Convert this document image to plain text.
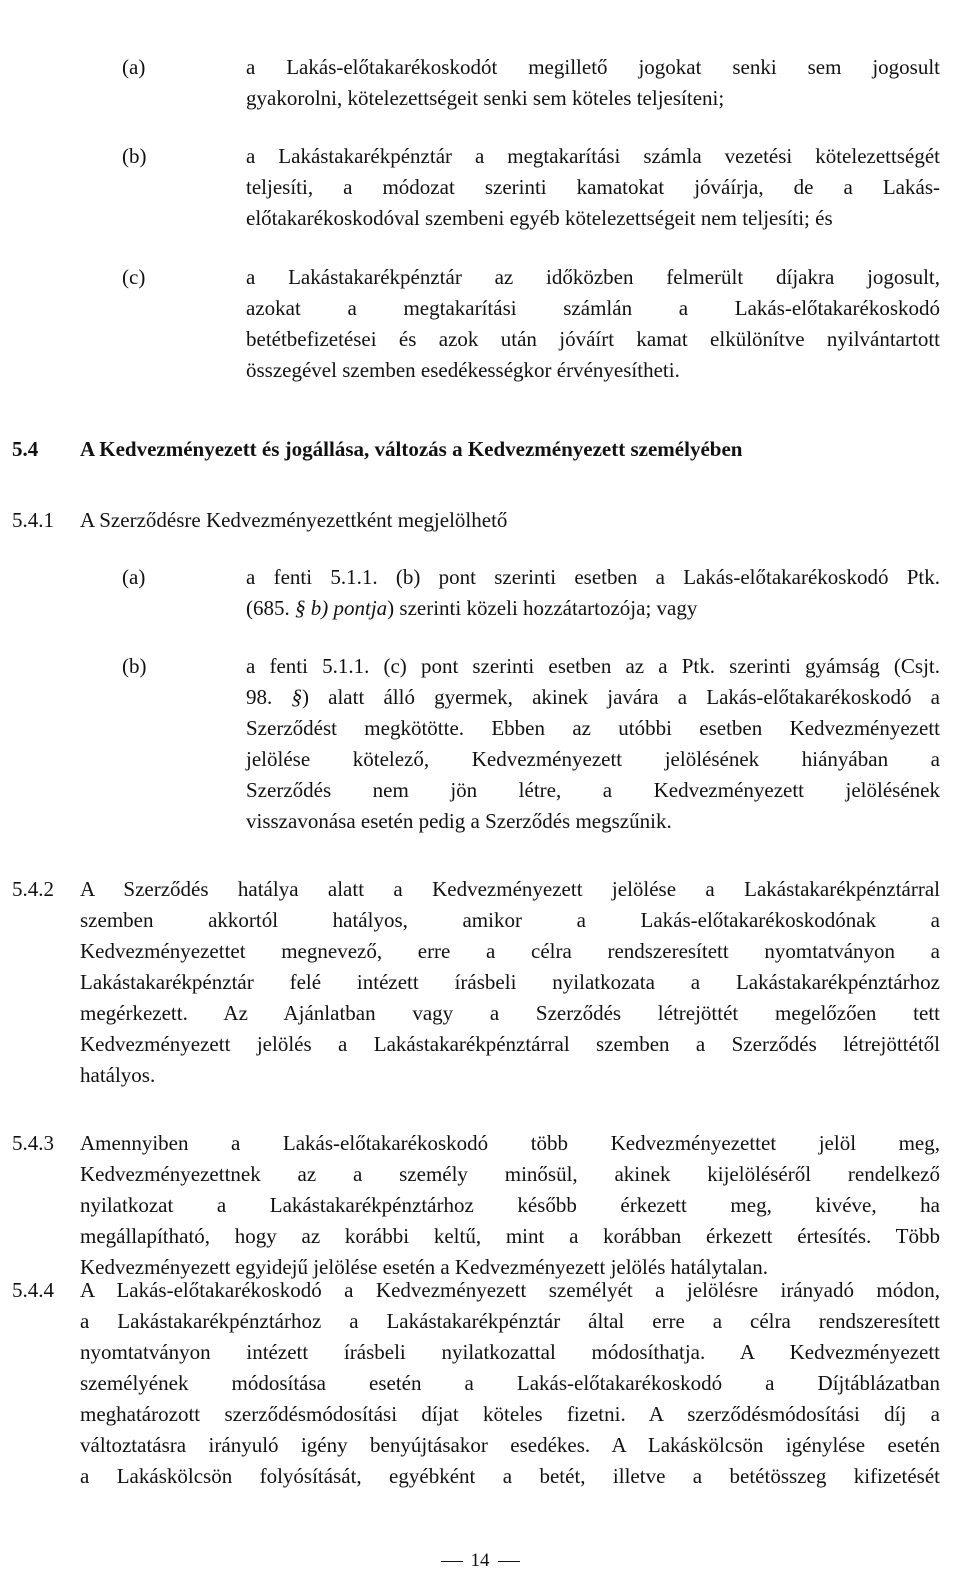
(a)	a Lakás-előtakarékoskodót megillető jogokat senki sem jogosult
gyakorolni, kötelezettségeit senki sem köteles teljesíteni;
(b)	a Lakástakarékpénztár a megtakarítási számla vezetési kötelezettségét
teljesíti, a módozat szerinti kamatokat jóváírja, de a Lakás-
előtakarékoskodóval szembeni egyéb kötelezettségeit nem teljesíti; és
(c)	a Lakástakarékpénztár az időközben felmerült díjakra jogosult,
azokat a megtakarítási számlán a Lakás-előtakarékoskodó
betétbefizetései és azok után jóváírt kamat elkülönítve nyilvántartott
összegével szemben esedékességkor érvényesítheti.
5.4 A Kedvezményezett és jogállása, változás a Kedvezményezett személyében
5.4.1 A Szerződésre Kedvezményezettként megjelölhető
(a)	a fenti 5.1.1. (b) pont szerinti esetben a Lakás-előtakarékoskodó Ptk.
(685. § b) pontja) szerinti közeli hozzátartozója; vagy
(b)	a fenti 5.1.1. (c) pont szerinti esetben az a Ptk. szerinti gyámság (Csjt.
98. §) alatt álló gyermek, akinek javára a Lakás-előtakarékoskodó a
Szerződést megkötötte. Ebben az utóbbi esetben Kedvezményezett
jelölése kötelező, Kedvezményezett jelölésének hiányában a
Szerződés nem jön létre, a Kedvezményezett jelölésének
visszavonása esetén pedig a Szerződés megszűnik.
5.4.2 A Szerződés hatálya alatt a Kedvezményezett jelölése a Lakástakarékpénztárral
szemben akkortól hatályos, amikor a Lakás-előtakarékoskodónak a
Kedvezményezettet megnevező, erre a célra rendszeresített nyomtatványon a
Lakástakarékpénztár felé intézett írásbeli nyilatkozata a Lakástakarékpénztárhoz
megérkezett. Az Ajánlatban vagy a Szerződés létrejöttét megelőzően tett
Kedvezményezett jelölés a Lakástakarékpénztárral szemben a Szerződés létrejöttétől
hatályos.
5.4.3 Amennyiben a Lakás-előtakarékoskodó több Kedvezményezettet jelöl meg,
Kedvezményezettnek az a személy minősül, akinek kijelöléséről rendelkező
nyilatkozat a Lakástakarékpénztárhoz később érkezett meg, kivéve, ha
megállapítható, hogy az korábbi keltű, mint a korábban érkezett értesítés. Több
Kedvezményezett egyidejű jelölése esetén a Kedvezményezett jelölés hatálytalan.
5.4.4 A Lakás-előtakarékoskodó a Kedvezményezett személyét a jelölésre irányadó módon,
a Lakástakarékpénztárhoz a Lakástakarékpénztár által erre a célra rendszeresített
nyomtatványon intézett írásbeli nyilatkozattal módosíthatja. A Kedvezményezett
személyének módosítása esetén a Lakás-előtakarékoskodó a Díjtáblázatban
meghatározott szerződésmódosítási díjat köteles fizetni. A szerződésmódosítási díj a
változtatásra irányuló igény benyújtásakor esedékes. A Lakáskölcsön igénylése esetén
a Lakáskölcsön folyósítását, egyébként a betét, illetve a betétösszeg kifizetését
14
